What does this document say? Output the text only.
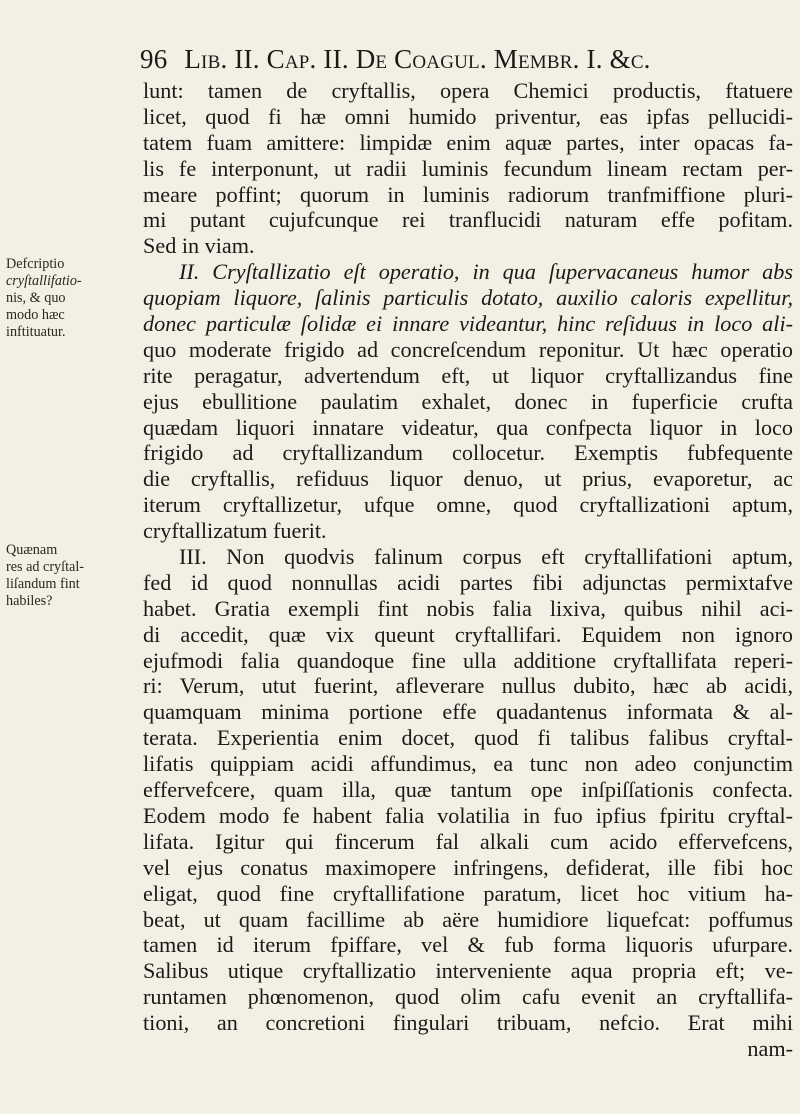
96 Lib. II. Cap. II. De Coagul. Membr. I. &c.
Defcriptio
cryſtallifatio-
nis, & quo
modo hæc
inftituatur.
Quænam
res ad cryſtal-
liſandum fint
habiles?
lunt: tamen de cryftallis, opera Chemici productis, ftatuere
licet, quod fi hæ omni humido priventur, eas ipfas pellucidi-
tatem fuam amittere: limpidæ enim aquæ partes, inter opacas fa-
lis fe interponunt, ut radii luminis fecundum lineam rectam per-
meare poffint; quorum in luminis radiorum tranfmiffione pluri-
mi putant cujufcunque rei tranflucidi naturam effe pofitam.
Sed in viam.
II. Cryſtallizatio eſt operatio, in qua ſupervacaneus humor abs
quopiam liquore, ſalinis particulis dotato, auxilio caloris expellitur,
donec particulæ ſolidæ ei innare videantur, hinc reſiduus in loco ali-
quo moderate frigido ad concreſcendum reponitur. Ut hæc operatio
rite peragatur, advertendum eft, ut liquor cryftallizandus fine
ejus ebullitione paulatim exhalet, donec in fuperficie crufta
quædam liquori innatare videatur, qua confpecta liquor in loco
frigido ad cryftallizandum collocetur. Exemptis fubfequente
die cryftallis, refiduus liquor denuo, ut prius, evaporetur, ac
iterum cryftallizetur, ufque omne, quod cryftallizationi aptum,
cryftallizatum fuerit.
III. Non quodvis falinum corpus eft cryftallifationi aptum,
fed id quod nonnullas acidi partes fibi adjunctas permixtafve
habet. Gratia exempli fint nobis falia lixiva, quibus nihil aci-
di accedit, quæ vix queunt cryftallifari. Equidem non ignoro
ejufmodi falia quandoque fine ulla additione cryftallifata reperi-
ri: Verum, utut fuerint, afleverare nullus dubito, hæc ab acidi,
quamquam minima portione effe quadantenus informata & al-
terata. Experientia enim docet, quod fi talibus falibus cryftal-
lifatis quippiam acidi affundimus, ea tunc non adeo conjunctim
effervefcere, quam illa, quæ tantum ope inſpiſſationis confecta.
Eodem modo fe habent falia volatilia in fuo ipfius fpiritu cryftal-
lifata. Igitur qui fincerum fal alkali cum acido effervefcens,
vel ejus conatus maximopere infringens, defiderat, ille fibi hoc
eligat, quod fine cryftallifatione paratum, licet hoc vitium ha-
beat, ut quam facillime ab aëre humidiore liquefcat: poffumus
tamen id iterum fpiffare, vel & fub forma liquoris ufurpare.
Salibus utique cryftallizatio interveniente aqua propria eft; ve-
runtamen phœnomenon, quod olim cafu evenit an cryftallifa-
tioni, an concretioni fingulari tribuam, nefcio. Erat mihi
nam-
